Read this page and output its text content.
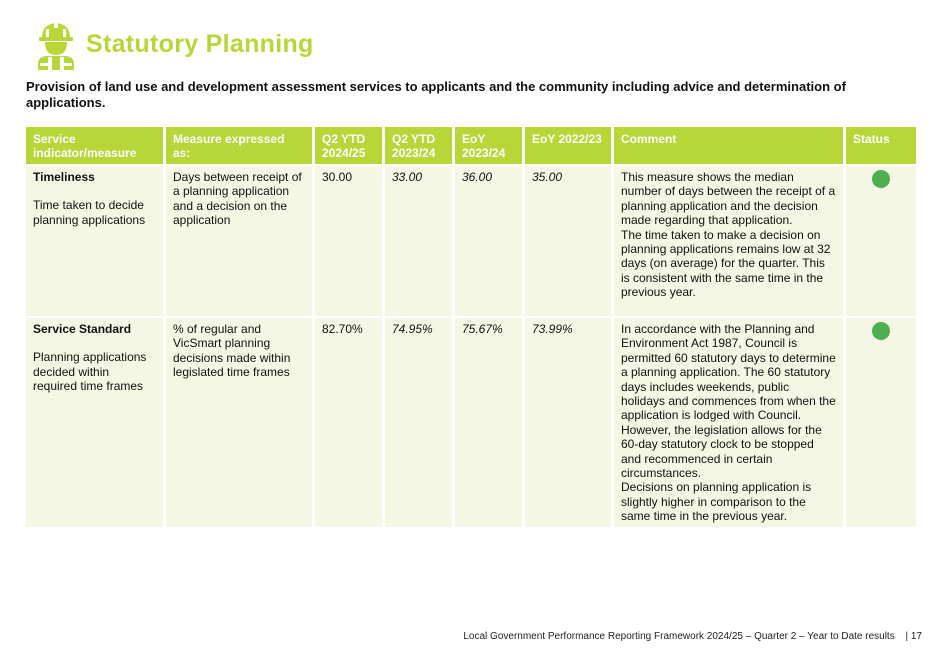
Statutory Planning
Provision of land use and development assessment services to applicants and the community including advice and determination of applications.
Service indicator/measure	Measure expressed as:	Q2 YTD 2024/25	Q2 YTD 2023/24	EoY 2023/24	EoY 2022/23	Comment	Status

Timeliness
Time taken to decide planning applications	Days between receipt of a planning application and a decision on the application	30.00	33.00	36.00	35.00	This measure shows the median number of days between the receipt of a planning application and the decision made regarding that application.
The time taken to make a decision on planning applications remains low at 32 days (on average) for the quarter. This is consistent with the same time in the previous year.	

Service Standard
Planning applications decided within required time frames	% of regular and VicSmart planning decisions made within legislated time frames	82.70%	74.95%	75.67%	73.99%	In accordance with the Planning and Environment Act 1987, Council is permitted 60 statutory days to determine a planning application. The 60 statutory days includes weekends, public holidays and commences from when the application is lodged with Council. However, the legislation allows for the 60-day statutory clock to be stopped and recommenced in certain circumstances.
Decisions on planning application is slightly higher in comparison to the same time in the previous year.	

Local Government Performance Reporting Framework 2024/25 – Quarter 2 – Year to Date results | 17
